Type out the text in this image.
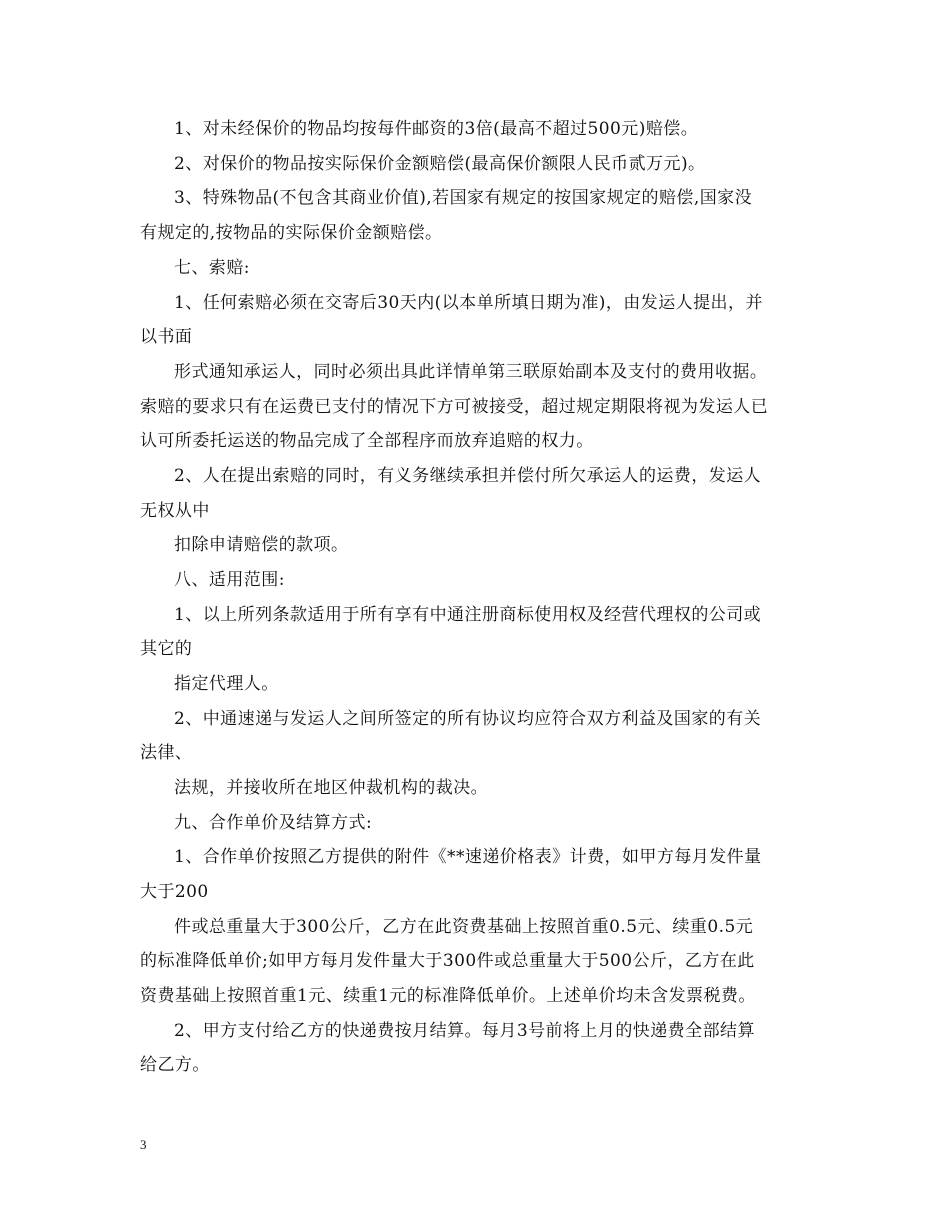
1、对未经保价的物品均按每件邮资的3倍(最高不超过500元)赔偿。
2、对保价的物品按实际保价金额赔偿(最高保价额限人民币贰万元)。
3、特殊物品(不包含其商业价值),若国家有规定的按国家规定的赔偿,国家没
有规定的,按物品的实际保价金额赔偿。
七、索赔:
1、任何索赔必须在交寄后30天内(以本单所填日期为准)，由发运人提出，并
以书面
形式通知承运人，同时必须出具此详情单第三联原始副本及支付的费用收据。
索赔的要求只有在运费已支付的情况下方可被接受，超过规定期限将视为发运人已
认可所委托运送的物品完成了全部程序而放弃追赔的权力。
2、人在提出索赔的同时，有义务继续承担并偿付所欠承运人的运费，发运人
无权从中
扣除申请赔偿的款项。
八、适用范围:
1、以上所列条款适用于所有享有中通注册商标使用权及经营代理权的公司或
其它的
指定代理人。
2、中通速递与发运人之间所签定的所有协议均应符合双方利益及国家的有关
法律、
法规，并接收所在地区仲裁机构的裁决。
九、合作单价及结算方式:
1、合作单价按照乙方提供的附件《**速递价格表》计费，如甲方每月发件量
大于200
件或总重量大于300公斤，乙方在此资费基础上按照首重0.5元、续重0.5元
的标准降低单价;如甲方每月发件量大于300件或总重量大于500公斤，乙方在此
资费基础上按照首重1元、续重1元的标准降低单价。上述单价均未含发票税费。
2、甲方支付给乙方的快递费按月结算。每月3号前将上月的快递费全部结算
给乙方。
3
